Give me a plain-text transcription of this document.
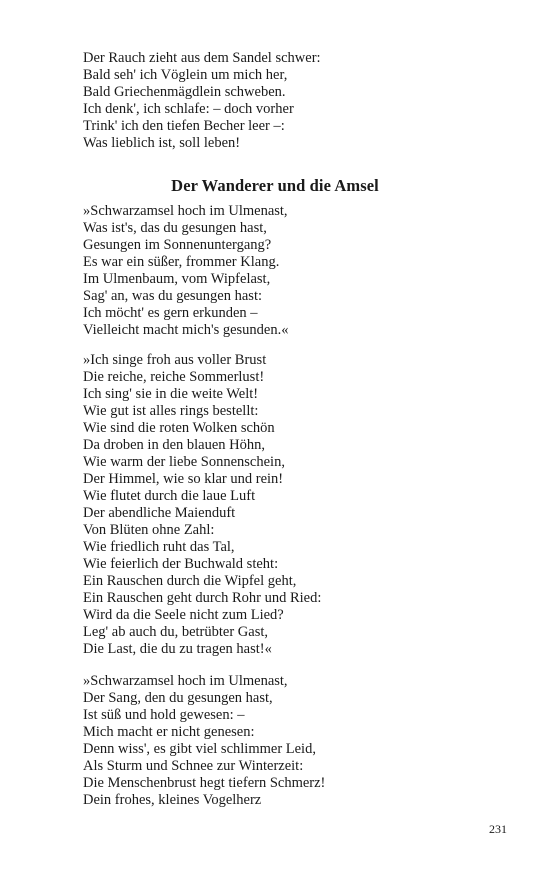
Der Rauch zieht aus dem Sandel schwer:
Bald seh' ich Vöglein um mich her,
Bald Griechenmägdlein schweben.
Ich denk', ich schlafe: – doch vorher
Trink' ich den tiefen Becher leer –:
Was lieblich ist, soll leben!
Der Wanderer und die Amsel
»Schwarzamsel hoch im Ulmenast,
Was ist's, das du gesungen hast,
Gesungen im Sonnenuntergang?
Es war ein süßer, frommer Klang.
Im Ulmenbaum, vom Wipfelast,
Sag' an, was du gesungen hast:
Ich möcht' es gern erkunden –
Vielleicht macht mich's gesunden.«
»Ich singe froh aus voller Brust
Die reiche, reiche Sommerlust!
Ich sing' sie in die weite Welt!
Wie gut ist alles rings bestellt:
Wie sind die roten Wolken schön
Da droben in den blauen Höhn,
Wie warm der liebe Sonnenschein,
Der Himmel, wie so klar und rein!
Wie flutet durch die laue Luft
Der abendliche Maienduft
Von Blüten ohne Zahl:
Wie friedlich ruht das Tal,
Wie feierlich der Buchwald steht:
Ein Rauschen durch die Wipfel geht,
Ein Rauschen geht durch Rohr und Ried:
Wird da die Seele nicht zum Lied?
Leg' ab auch du, betrübter Gast,
Die Last, die du zu tragen hast!«
»Schwarzamsel hoch im Ulmenast,
Der Sang, den du gesungen hast,
Ist süß und hold gewesen: –
Mich macht er nicht genesen:
Denn wiss', es gibt viel schlimmer Leid,
Als Sturm und Schnee zur Winterzeit:
Die Menschenbrust hegt tiefern Schmerz!
Dein frohes, kleines Vogelherz
231
